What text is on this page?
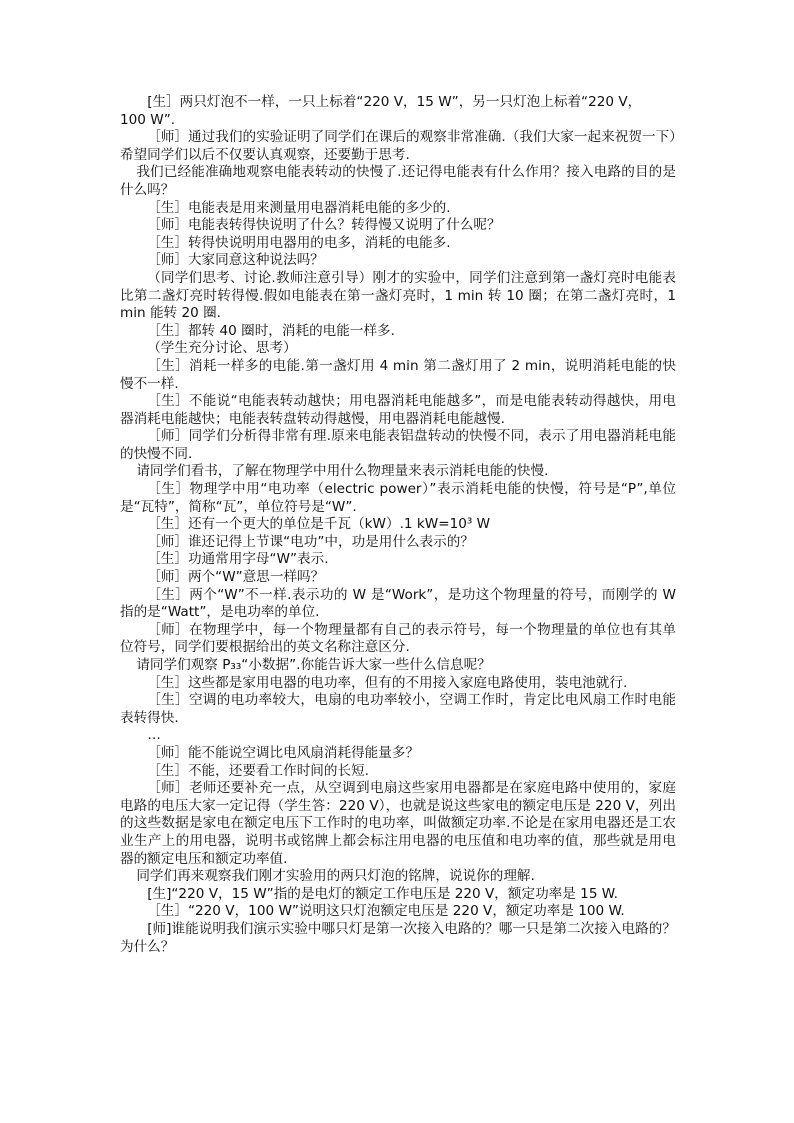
[生］两只灯泡不一样，一只上标着“220 V，15 W”，另一只灯泡上标着“220 V，

100 W”.

［师］通过我们的实验证明了同学们在课后的观察非常准确.（我们大家一起来祝贺一下）希望同学们以后不仅要认真观察，还要勤于思考.

我们已经能准确地观察电能表转动的快慢了.还记得电能表有什么作用？接入电路的目的是什么吗？

［生］电能表是用来测量用电器消耗电能的多少的.

［师］电能表转得快说明了什么？转得慢又说明了什么呢？

［生］转得快说明用电器用的电多，消耗的电能多.

［师］大家同意这种说法吗？

（同学们思考、讨论.教师注意引导）刚才的实验中，同学们注意到第一盏灯亮时电能表比第二盏灯亮时转得慢.假如电能表在第一盏灯亮时，1 min 转 10 圈；在第二盏灯亮时，1 min 能转 20 圈.

［生］都转 40 圈时，消耗的电能一样多.

（学生充分讨论、思考）

［生］消耗一样多的电能.第一盏灯用 4 min 第二盏灯用了 2 min，说明消耗电能的快慢不一样.

［生］不能说“电能表转动越快；用电器消耗电能越多”，而是电能表转动得越快，用电器消耗电能越快；电能表转盘转动得越慢，用电器消耗电能越慢.

［师］同学们分析得非常有理.原来电能表铝盘转动的快慢不同，表示了用电器消耗电能的快慢不同.

请同学们看书，了解在物理学中用什么物理量来表示消耗电能的快慢.

［生］物理学中用“电功率（electric power）”表示消耗电能的快慢，符号是“P”,单位是“瓦特”，简称“瓦”，单位符号是“W”.

［生］还有一个更大的单位是千瓦（kW）.1 kW=10³ W

［师］谁还记得上节课“电功”中，功是用什么表示的？

［生］功通常用字母“W”表示.

［师］两个“W”意思一样吗？

［生］两个“W”不一样.表示功的 W 是“Work”，是功这个物理量的符号，而刚学的 W 指的是“Watt”，是电功率的单位.

［师］在物理学中，每一个物理量都有自己的表示符号，每一个物理量的单位也有其单位符号，同学们要根据给出的英文名称注意区分.

请同学们观察 P₃₃“小数据”.你能告诉大家一些什么信息呢？

［生］这些都是家用电器的电功率，但有的不用接入家庭电路使用，装电池就行.

［生］空调的电功率较大，电扇的电功率较小，空调工作时，肯定比电风扇工作时电能表转得快.

…

［师］能不能说空调比电风扇消耗得能量多？

［生］不能，还要看工作时间的长短.

［师］老师还要补充一点，从空调到电扇这些家用电器都是在家庭电路中使用的，家庭电路的电压大家一定记得（学生答：220 V），也就是说这些家电的额定电压是 220 V，列出的这些数据是家电在额定电压下工作时的电功率，叫做额定功率.不论是在家用电器还是工农业生产上的用电器，说明书或铭牌上都会标注用电器的电压值和电功率的值，那些就是用电器的额定电压和额定功率值.

同学们再来观察我们刚才实验用的两只灯泡的铭牌，说说你的理解.

[生]“220 V，15 W”指的是电灯的额定工作电压是 220 V，额定功率是 15 W.

［生］“220 V，100 W”说明这只灯泡额定电压是 220 V，额定功率是 100 W.

[师]谁能说明我们演示实验中哪只灯是第一次接入电路的？哪一只是第二次接入电路的？为什么？
